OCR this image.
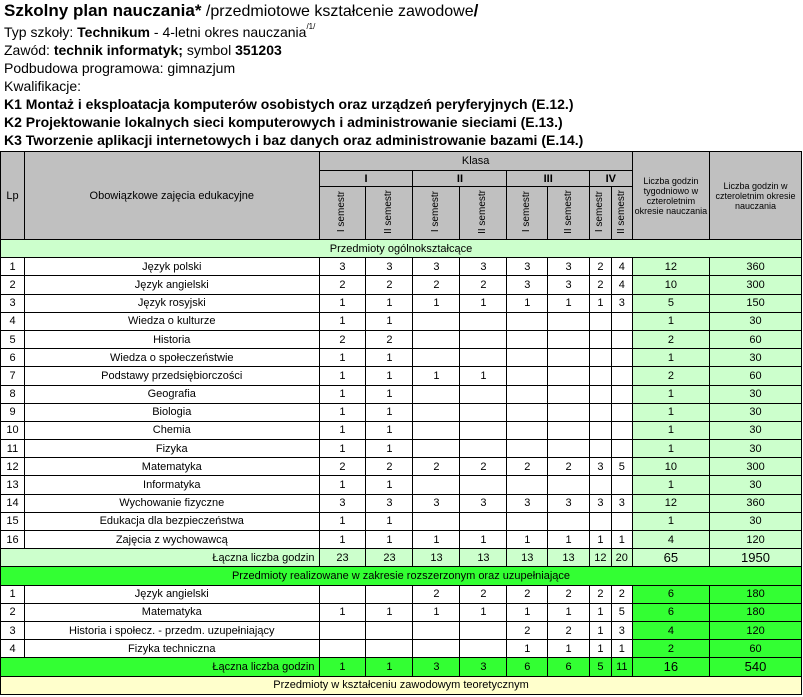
Szkolny plan nauczania* /przedmiotowe kształcenie zawodowe/
Typ szkoły: Technikum - 4-letni okres nauczania$^{/1/}$
Zawód: technik informatyk; symbol 351203
Podbudowa programowa: gimnazjum
Kwalifikacje:
K1 Montaż i eksploatacja komputerów osobistych oraz urządzeń peryferyjnych (E.12.)
K2 Projektowanie lokalnych sieci komputerowych i administrowanie sieciami (E.13.)
K3 Tworzenie aplikacji internetowych i baz danych oraz administrowanie bazami (E.14.)
Lp	Obowiązkowe zajęcia edukacyjne	Klasa								Liczba godzin tygodniowo w czteroletnim okresie nauczania	Liczba godzin w czteroletnim okresie nauczania
		I		II		III		IV			
		I semestr	II semestr	I semestr	II semestr	I semestr	II semestr	I semestr	II semestr		
Przedmioty ogólnokształcące											
1	Język polski	3	3	3	3	3	3	2	4	12	360
2	Język angielski	2	2	2	2	3	3	2	4	10	300
3	Język rosyjski	1	1	1	1	1	1	1	3	5	150
4	Wiedza o kulturze	1	1							1	30
5	Historia	2	2							2	60
6	Wiedza o społeczeństwie	1	1							1	30
7	Podstawy przedsiębiorczości	1	1	1	1					2	60
8	Geografia	1	1							1	30
9	Biologia	1	1							1	30
10	Chemia	1	1							1	30
11	Fizyka	1	1							1	30
12	Matematyka	2	2	2	2	2	2	3	5	10	300
13	Informatyka	1	1							1	30
14	Wychowanie fizyczne	3	3	3	3	3	3	3	3	12	360
15	Edukacja dla bezpieczeństwa	1	1							1	30
16	Zajęcia z wychowawcą	1	1	1	1	1	1	1	1	4	120
Łączna liczba godzin		23	23	13	13	13	13	12	20	65	1950
Przedmioty realizowane w zakresie rozszerzonym oraz uzupełniające											
1	Język angielski			2	2	2	2	2	2	6	180
2	Matematyka	1	1	1	1	1	1	1	5	6	180
3	Historia i społecz. - przedm. uzupełniający					2	2	1	3	4	120
4	Fizyka techniczna					1	1	1	1	2	60
Łączna liczba godzin		1	1	3	3	6	6	5	11	16	540
Przedmioty w kształceniu zawodowym teoretycznym											
